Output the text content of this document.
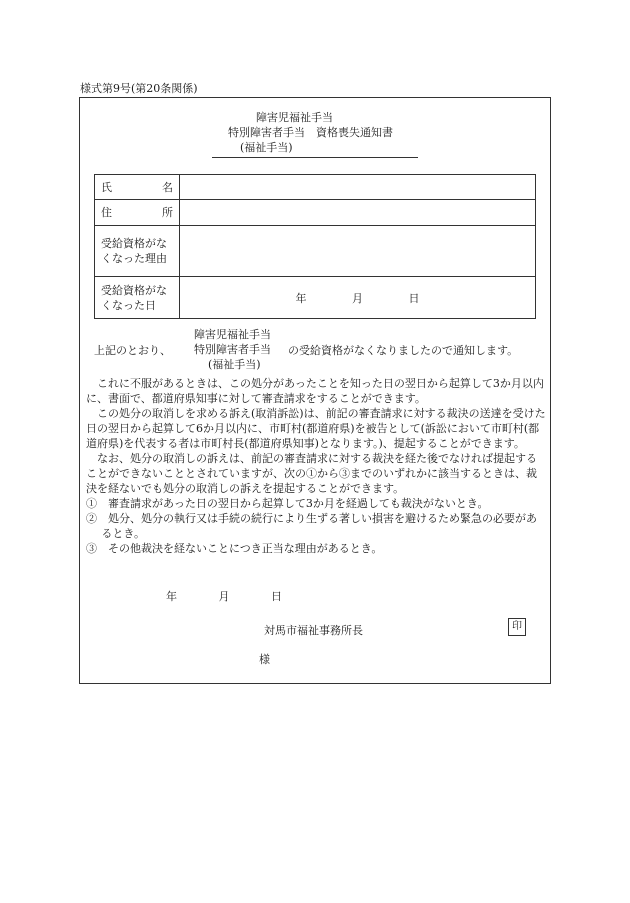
様式第9号(第20条関係)
障害児福祉手当
特別障害者手当　資格喪失通知書
(福祉手当)
氏 名	

住 所	

受給資格がなくなった理由	
受給資格がなくなった日	年 月 日
上記のとおり、
障害児福祉手当
特別障害者手当
(福祉手当)
の受給資格がなくなりましたので通知します。

これに不服があるときは、この処分があったことを知った日の翌日から起算して3か月以内に、書面で、都道府県知事に対して審査請求をすることができます。

この処分の取消しを求める訴え(取消訴訟)は、前記の審査請求に対する裁決の送達を受けた日の翌日から起算して6か月以内に、市町村(都道府県)を被告として(訴訟において市町村(都道府県)を代表する者は市町村長(都道府県知事)となります。)、提起することができます。

なお、処分の取消しの訴えは、前記の審査請求に対する裁決を経た後でなければ提起することができないこととされていますが、次の①から③までのいずれかに該当するときは、裁決を経ないでも処分の取消しの訴えを提起することができます。

①　審査請求があった日の翌日から起算して3か月を経過しても裁決がないとき。

②　処分、処分の執行又は手続の続行により生ずる著しい損害を避けるため緊急の必要があるとき。

③　その他裁決を経ないことにつき正当な理由があるとき。

年	月	日
対馬市福祉事務所長	印
様
